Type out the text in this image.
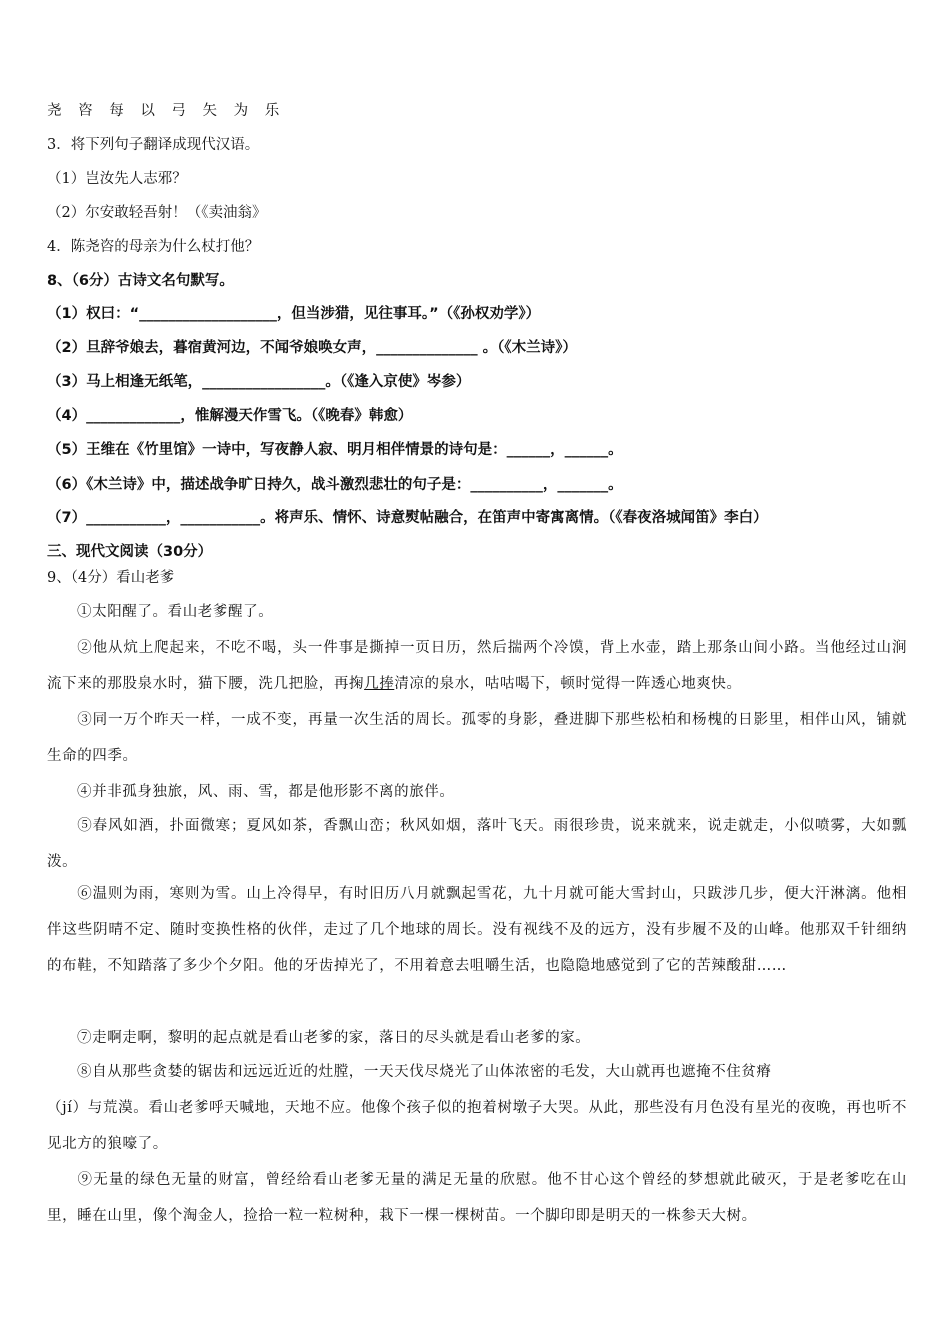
尧 咨 每 以 弓 矢 为 乐
3．将下列句子翻译成现代汉语。
（1）岂汝先人志邪？
（2）尔安敢轻吾射！（《卖油翁》
4．陈尧咨的母亲为什么杖打他？
8、（6分）古诗文名句默写。
（1）权曰：“___________________，但当涉猎，见往事耳。”（《孙权劝学》）
（2）旦辞爷娘去，暮宿黄河边，不闻爷娘唤女声，______________ 。（《木兰诗》）
（3）马上相逢无纸笔，_________________。（《逢入京使》岑参）
（4）_____________，惟解漫天作雪飞。（《晚春》韩愈）
（5）王维在《竹里馆》一诗中，写夜静人寂、明月相伴情景的诗句是：______，______。
（6）《木兰诗》中，描述战争旷日持久，战斗激烈悲壮的句子是：__________，_______。
（7）___________，___________。将声乐、情怀、诗意熨帖融合，在笛声中寄寓离情。（《春夜洛城闻笛》李白）
三、现代文阅读（30分）
9、（4分）看山老爹
①太阳醒了。看山老爹醒了。
②他从炕上爬起来，不吃不喝，头一件事是撕掉一页日历，然后揣两个冷馍，背上水壶，踏上那条山间小路。当他经过山涧流下来的那股泉水时，猫下腰，洗几把脸，再掬几捧清凉的泉水，咕咕喝下，顿时觉得一阵透心地爽快。
③同一万个昨天一样，一成不变，再量一次生活的周长。孤零的身影，叠进脚下那些松柏和杨槐的日影里，相伴山风，铺就生命的四季。
④并非孤身独旅，风、雨、雪，都是他形影不离的旅伴。
⑤春风如酒，扑面微寒；夏风如茶，香飘山峦；秋风如烟，落叶飞天。雨很珍贵，说来就来，说走就走，小似喷雾，大如瓢泼。
⑥温则为雨，寒则为雪。山上冷得早，有时旧历八月就飘起雪花，九十月就可能大雪封山，只跋涉几步，便大汗淋漓。他相伴这些阴晴不定、随时变换性格的伙伴，走过了几个地球的周长。没有视线不及的远方，没有步履不及的山峰。他那双千针细纳的布鞋，不知踏落了多少个夕阳。他的牙齿掉光了，不用着意去咀嚼生活，也隐隐地感觉到了它的苦辣酸甜……
⑦走啊走啊，黎明的起点就是看山老爹的家，落日的尽头就是看山老爹的家。
⑧自从那些贪婪的锯齿和远远近近的灶膛，一天天伐尽烧光了山体浓密的毛发，大山就再也遮掩不住贫瘠
（jí）与荒漠。看山老爹呼天喊地，天地不应。他像个孩子似的抱着树墩子大哭。从此，那些没有月色没有星光的夜晚，再也听不见北方的狼嚎了。
⑨无量的绿色无量的财富，曾经给看山老爹无量的满足无量的欣慰。他不甘心这个曾经的梦想就此破灭，于是老爹吃在山里，睡在山里，像个淘金人，捡拾一粒一粒树种，栽下一棵一棵树苗。一个脚印即是明天的一株参天大树。
